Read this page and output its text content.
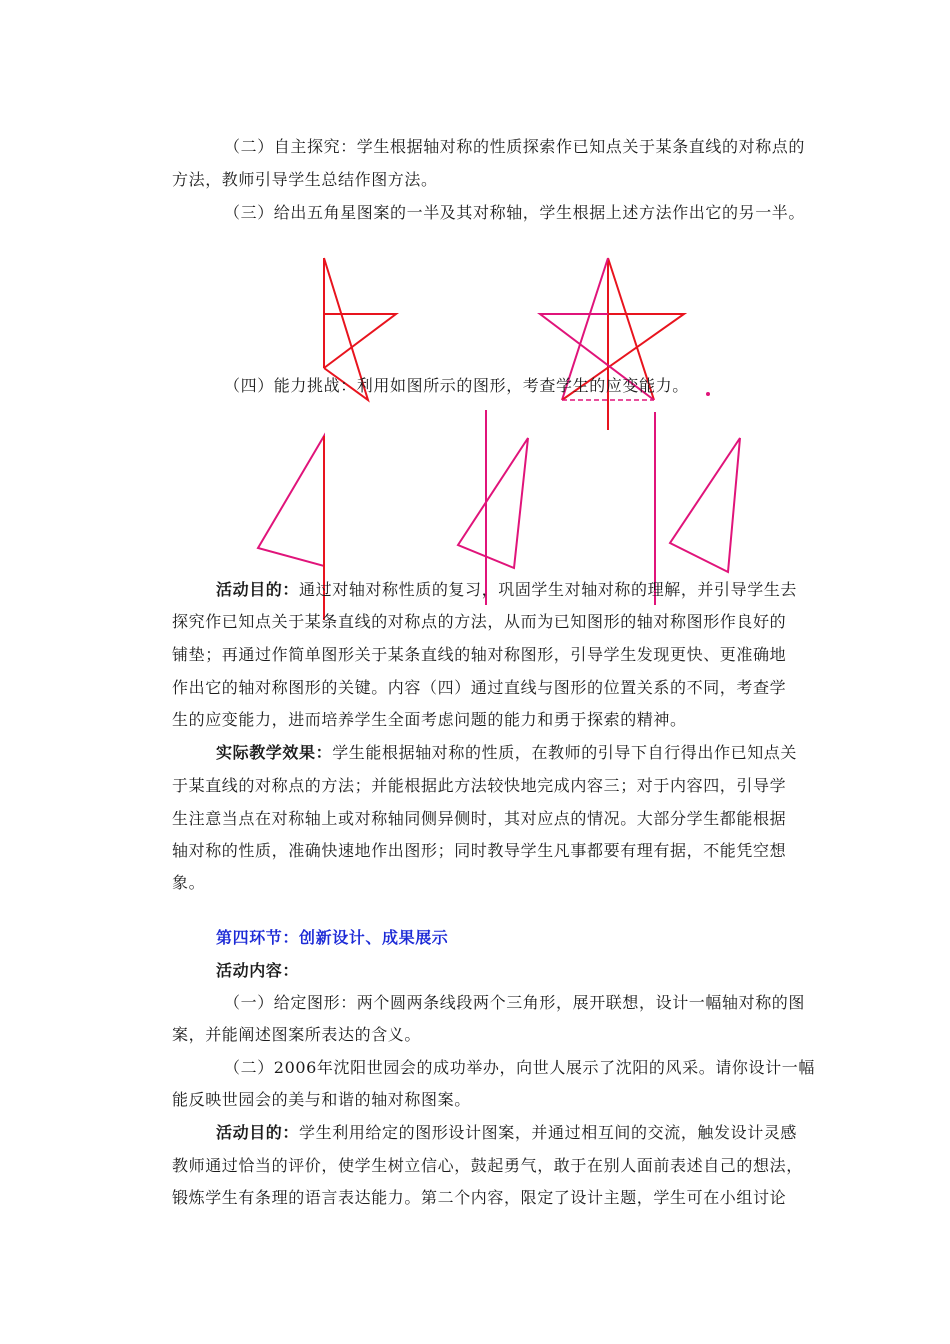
（二）自主探究：学生根据轴对称的性质探索作已知点关于某条直线的对称点的
方法，教师引导学生总结作图方法。
（三）给出五角星图案的一半及其对称轴，学生根据上述方法作出它的另一半。
（四）能力挑战：利用如图所示的图形，考查学生的应变能力。
活动目的：通过对轴对称性质的复习，巩固学生对轴对称的理解，并引导学生去
探究作已知点关于某条直线的对称点的方法，从而为已知图形的轴对称图形作良好的
铺垫；再通过作简单图形关于某条直线的轴对称图形，引导学生发现更快、更准确地
作出它的轴对称图形的关键。内容（四）通过直线与图形的位置关系的不同，考查学
生的应变能力，进而培养学生全面考虑问题的能力和勇于探索的精神。
实际教学效果：学生能根据轴对称的性质，在教师的引导下自行得出作已知点关
于某直线的对称点的方法；并能根据此方法较快地完成内容三；对于内容四，引导学
生注意当点在对称轴上或对称轴同侧异侧时，其对应点的情况。大部分学生都能根据
轴对称的性质，准确快速地作出图形；同时教导学生凡事都要有理有据，不能凭空想
象。
第四环节：创新设计、成果展示
活动内容：
（一）给定图形：两个圆两条线段两个三角形，展开联想，设计一幅轴对称的图
案，并能阐述图案所表达的含义。
（二）2006年沈阳世园会的成功举办，向世人展示了沈阳的风采。请你设计一幅
能反映世园会的美与和谐的轴对称图案。
活动目的：学生利用给定的图形设计图案，并通过相互间的交流，触发设计灵感
教师通过恰当的评价，使学生树立信心，鼓起勇气，敢于在别人面前表述自己的想法，
锻炼学生有条理的语言表达能力。第二个内容，限定了设计主题，学生可在小组讨论
